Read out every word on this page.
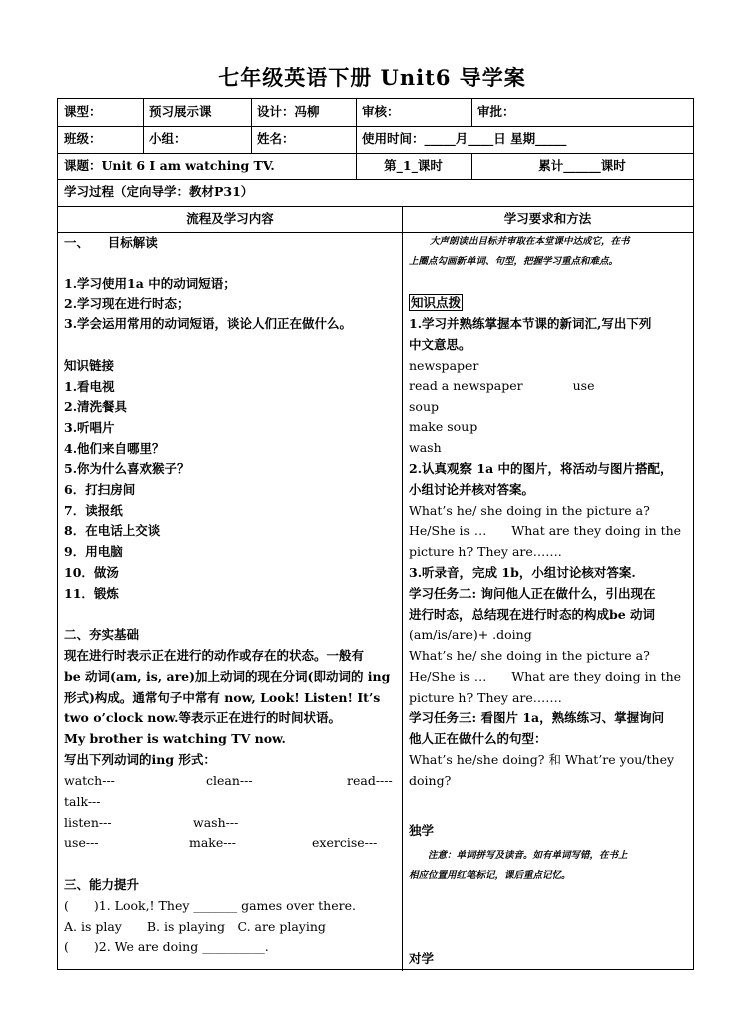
七年级英语下册 Unit6 导学案
课型：	预习展示课	设计：冯柳	审核：	审批：
班级：	小组：	姓名：	使用时间：_____月____日 星期_____
课题：Unit 6 I am watching TV.	第_1_课时	累计______课时
学习过程（定向导学：教材P31）
流程及学习内容	学习要求和方法
一、　　目标解读
1.学习使用1a 中的动词短语；
2.学习现在进行时态；
3.学会运用常用的动词短语，谈论人们正在做什么。
知识链接
1.看电视
2.清洗餐具
3.听唱片
4.他们来自哪里？
5.你为什么喜欢猴子？
6．打扫房间
7．读报纸
8．在电话上交谈
9．用电脑
10．做汤
11．锻炼
二、夯实基础
现在进行时表示正在进行的动作或存在的状态。一般有
be 动词(am, is, are)加上动词的现在分词(即动词的 ing
形式)构成。通常句子中常有 now, Look! Listen! It’s
two o’clock now.等表示正在进行的时间状语。
My brother is watching TV now.
写出下列动词的ing 形式：
watch---	clean---	read----
talk---
listen---	wash---
use---	make---	exercise---
三、能力提升
(　　)1. Look,! They _______ games over there.
A. is play　　B. is playing　C. are playing
(　　)2. We are doing __________.
大声朗读出目标并审取在本堂课中达成它，在书
上圈点勾画新单词、句型，把握学习重点和难点。
知识点拨
1.学习并熟练掌握本节课的新词汇,写出下列
中文意思。
newspaper
read a newspaper　　　　use
soup
make soup
wash
2.认真观察 1a 中的图片，将活动与图片搭配，
小组讨论并核对答案。
What’s he/ she doing in the picture a?
He/She is …　　What are they doing in the
picture h? They are…….
3.听录音，完成 1b，小组讨论核对答案.
学习任务二: 询问他人正在做什么，引出现在
进行时态，总结现在进行时态的构成be 动词
(am/is/are)+ .doing
What’s he/ she doing in the picture a?
He/She is …　　What are they doing in the
picture h? They are…….
学习任务三: 看图片 1a，熟练练习、掌握询问
他人正在做什么的句型：
What’s he/she doing? 和 What’re you/they
doing?
独学
注意：单词拼写及读音。如有单词写错，在书上
相应位置用红笔标记，课后重点记忆。
对学
